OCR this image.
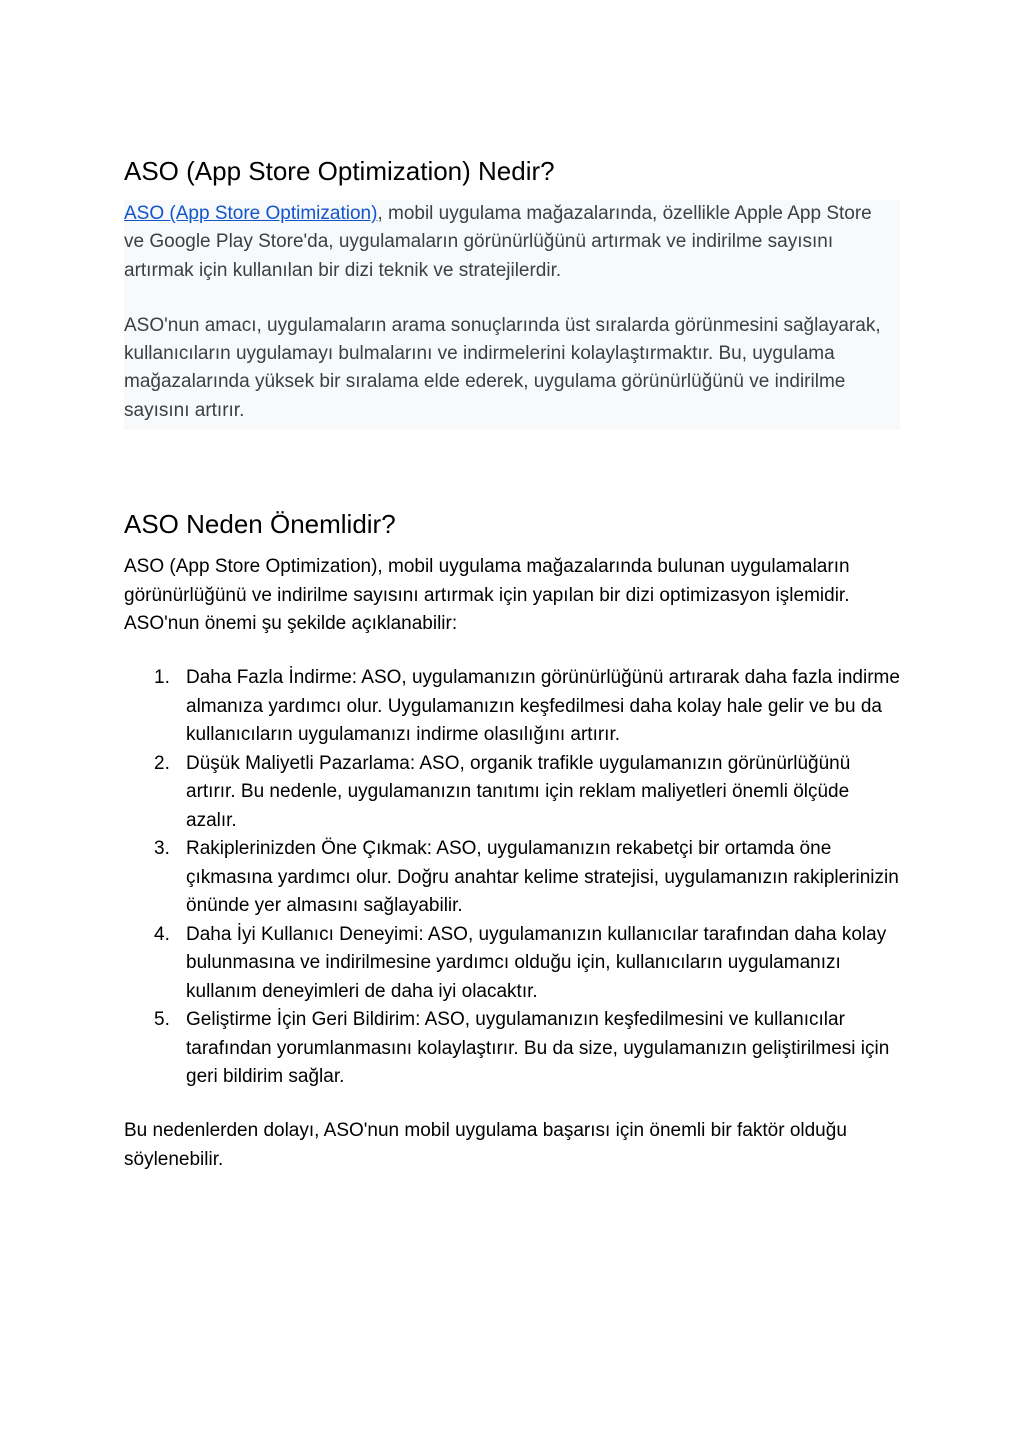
ASO (App Store Optimization) Nedir?

ASO (App Store Optimization), mobil uygulama mağazalarında, özellikle Apple App Store ve Google Play Store'da, uygulamaların görünürlüğünü artırmak ve indirilme sayısını artırmak için kullanılan bir dizi teknik ve stratejilerdir.

ASO'nun amacı, uygulamaların arama sonuçlarında üst sıralarda görünmesini sağlayarak, kullanıcıların uygulamayı bulmalarını ve indirmelerini kolaylaştırmaktır. Bu, uygulama mağazalarında yüksek bir sıralama elde ederek, uygulama görünürlüğünü ve indirilme sayısını artırır.

ASO Neden Önemlidir?

ASO (App Store Optimization), mobil uygulama mağazalarında bulunan uygulamaların görünürlüğünü ve indirilme sayısını artırmak için yapılan bir dizi optimizasyon işlemidir. ASO'nun önemi şu şekilde açıklanabilir:

1. Daha Fazla İndirme: ASO, uygulamanızın görünürlüğünü artırarak daha fazla indirme almanıza yardımcı olur. Uygulamanızın keşfedilmesi daha kolay hale gelir ve bu da kullanıcıların uygulamanızı indirme olasılığını artırır.
2. Düşük Maliyetli Pazarlama: ASO, organik trafikle uygulamanızın görünürlüğünü artırır. Bu nedenle, uygulamanızın tanıtımı için reklam maliyetleri önemli ölçüde azalır.
3. Rakiplerinizden Öne Çıkmak: ASO, uygulamanızın rekabetçi bir ortamda öne çıkmasına yardımcı olur. Doğru anahtar kelime stratejisi, uygulamanızın rakiplerinizin önünde yer almasını sağlayabilir.
4. Daha İyi Kullanıcı Deneyimi: ASO, uygulamanızın kullanıcılar tarafından daha kolay bulunmasına ve indirilmesine yardımcı olduğu için, kullanıcıların uygulamanızı kullanım deneyimleri de daha iyi olacaktır.
5. Geliştirme İçin Geri Bildirim: ASO, uygulamanızın keşfedilmesini ve kullanıcılar tarafından yorumlanmasını kolaylaştırır. Bu da size, uygulamanızın geliştirilmesi için geri bildirim sağlar.

Bu nedenlerden dolayı, ASO'nun mobil uygulama başarısı için önemli bir faktör olduğu söylenebilir.
